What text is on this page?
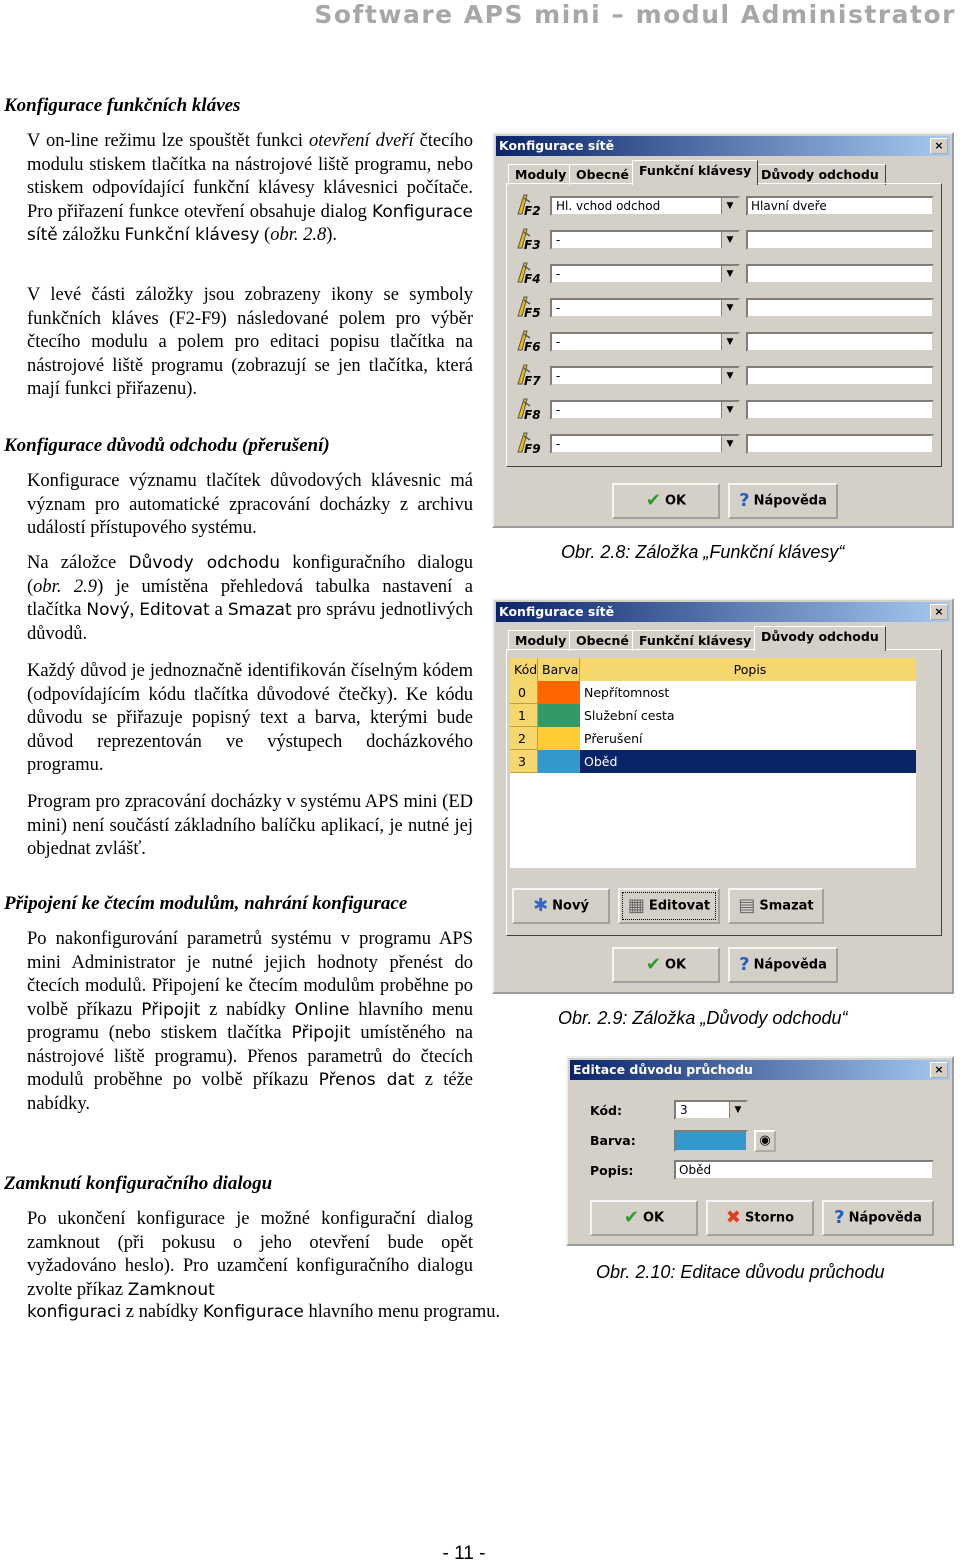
Software APS mini – modul Administrator
Konfigurace funkčních kláves
V on-line režimu lze spouštět funkci otevření dveří čtecího modulu stiskem tlačítka na nástrojové liště programu, nebo stiskem odpovídající funkční klávesy klávesnici počítače. Pro přiřazení funkce otevření obsahuje dialog Konfigurace sítě záložku Funkční klávesy (obr. 2.8).
V levé části záložky jsou zobrazeny ikony se symboly funkčních kláves (F2-F9) následované polem pro výběr čtecího modulu a polem pro editaci popisu tlačítka na nástrojové liště programu (zobrazují se jen tlačítka, která mají funkci přiřazenu).
Konfigurace důvodů odchodu (přerušení)
Konfigurace významu tlačítek důvodových klávesnic má význam pro automatické zpracování docházky z archivu událostí přístupového systému.
Na záložce Důvody odchodu konfiguračního dialogu (obr. 2.9) je umístěna přehledová tabulka nastavení a tlačítka Nový, Editovat a Smazat pro správu jednotlivých důvodů.
Každý důvod je jednoznačně identifikován číselným kódem (odpovídajícím kódu tlačítka důvodové čtečky). Ke kódu důvodu se přiřazuje popisný text a barva, kterými bude důvod reprezentován ve výstupech docházkového programu.
Program pro zpracování docházky v systému APS mini (ED mini) není součástí základního balíčku aplikací, je nutné jej objednat zvlášť.
Připojení ke čtecím modulům, nahrání konfigurace
Po nakonfigurování parametrů systému v programu APS mini Administrator je nutné jejich hodnoty přenést do čtecích modulů. Připojení ke čtecím modulům proběhne po volbě příkazu Připojit z nabídky Online hlavního menu programu (nebo stiskem tlačítka Připojit umístěného na nástrojové liště programu). Přenos parametrů do čtecích modulů proběhne po volbě příkazu Přenos dat z téže nabídky.
Zamknutí konfiguračního dialogu
Po ukončení konfigurace je možné konfigurační dialog zamknout (při pokusu o jeho otevření bude opět vyžadováno heslo). Pro uzamčení konfiguračního dialogu zvolte příkaz Zamknout
konfiguraci z nabídky Konfigurace hlavního menu programu.
Konfigurace sítě	×
Moduly Obecné Funkční klávesy Důvody odchodu
F2	Hl. vchod odchod	▼	Hlavní dveře
F3	-	▼
F4	-	▼
F5	-	▼
F6	-	▼
F7	-	▼
F8	-	▼
F9	-	▼
✔ OK	? Nápověda
Obr. 2.8: Záložka „Funkční klávesy“
Konfigurace sítě	×
Moduly Obecné Funkční klávesy Důvody odchodu
Kód Barva	Popis
0	Nepřítomnost
1	Služební cesta
2	Přerušení
3	Oběd
✱ Nový	▦ Editovat	▤ Smazat
✔ OK	? Nápověda
Obr. 2.9: Záložka „Důvody odchodu“
Editace důvodu průchodu	×
Kód:	3	▼
Barva:	◉
Popis:	Oběd
✔ OK	✖ Storno	? Nápověda
Obr. 2.10: Editace důvodu průchodu
- 11 -
